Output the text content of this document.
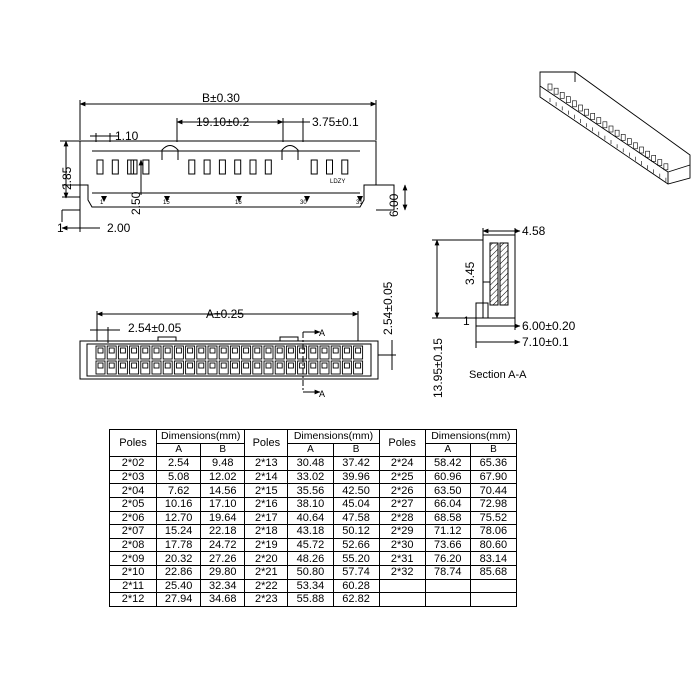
B±0.30
1.10
19.10±0.2	3.75±0.1
2.85
2.50
2.00
6.00
1
LDZY
1	15	16	30	31
A±0.25
2.54±0.05	2.54±0.05
A
A
4.58
3.45
6.00±0.20
7.10±0.1
13.95±0.15
1
Section A-A
Poles	Dimensions(mm)		Poles	Dimensions(mm)		Poles	Dimensions(mm)	
	A	B		A	B		A	B
2*02	2.54	9.48	2*13	30.48	37.42	2*24	58.42	65.36
2*03	5.08	12.02	2*14	33.02	39.96	2*25	60.96	67.90
2*04	7.62	14.56	2*15	35.56	42.50	2*26	63.50	70.44
2*05	10.16	17.10	2*16	38.10	45.04	2*27	66.04	72.98
2*06	12.70	19.64	2*17	40.64	47.58	2*28	68.58	75.52
2*07	15.24	22.18	2*18	43.18	50.12	2*29	71.12	78.06
2*08	17.78	24.72	2*19	45.72	52.66	2*30	73.66	80.60
2*09	20.32	27.26	2*20	48.26	55.20	2*31	76.20	83.14
2*10	22.86	29.80	2*21	50.80	57.74	2*32	78.74	85.68
2*11	25.40	32.34	2*22	53.34	60.28			
2*12	27.94	34.68	2*23	55.88	62.82			
